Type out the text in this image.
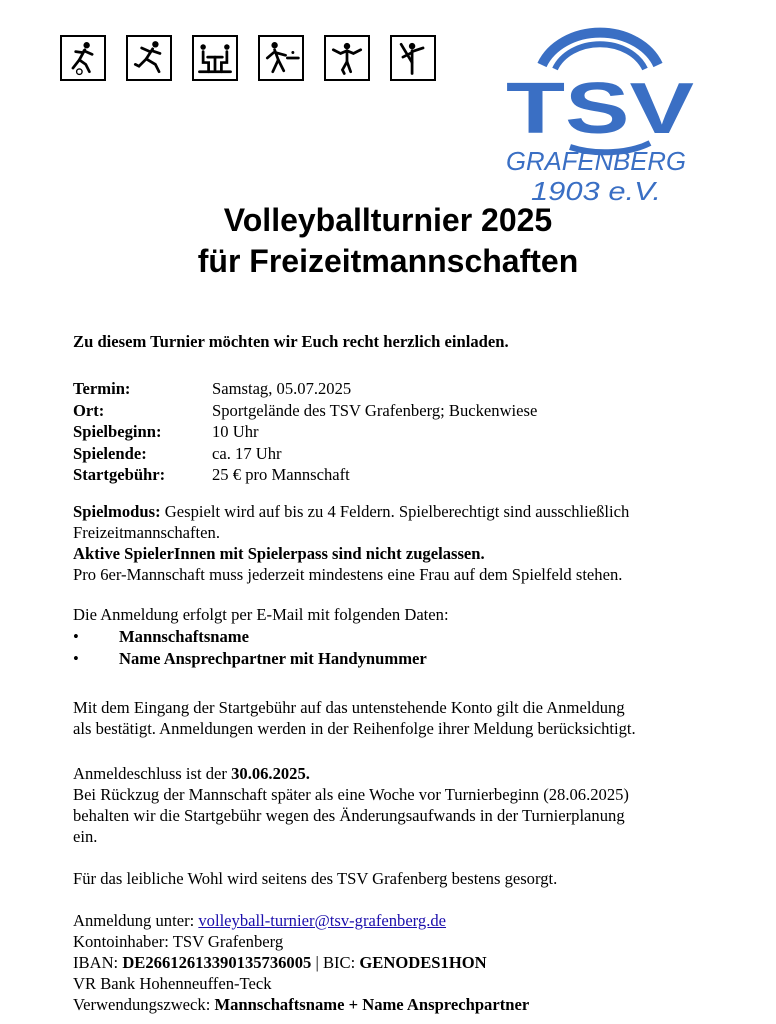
TSV
GRAFENBERG
1903 e.V.
Volleyballturnier 2025
für Freizeitmannschaften
Zu diesem Turnier möchten wir Euch recht herzlich einladen.
Termin:	Samstag, 05.07.2025
Ort:	Sportgelände des TSV Grafenberg; Buckenwiese
Spielbeginn:	10 Uhr
Spielende:	ca. 17 Uhr
Startgebühr:	25 € pro Mannschaft
Spielmodus: Gespielt wird auf bis zu 4 Feldern. Spielberechtigt sind ausschließlich
Freizeitmannschaften.
Aktive SpielerInnen mit Spielerpass sind nicht zugelassen.
Pro 6er-Mannschaft muss jederzeit mindestens eine Frau auf dem Spielfeld stehen.
Die Anmeldung erfolgt per E-Mail mit folgenden Daten:
•	Mannschaftsname
•	Name Ansprechpartner mit Handynummer
Mit dem Eingang der Startgebühr auf das untenstehende Konto gilt die Anmeldung
als bestätigt. Anmeldungen werden in der Reihenfolge ihrer Meldung berücksichtigt.
Anmeldeschluss ist der 30.06.2025.
Bei Rückzug der Mannschaft später als eine Woche vor Turnierbeginn (28.06.2025)
behalten wir die Startgebühr wegen des Änderungsaufwands in der Turnierplanung
ein.
Für das leibliche Wohl wird seitens des TSV Grafenberg bestens gesorgt.
Anmeldung unter: volleyball-turnier@tsv-grafenberg.de
Kontoinhaber: TSV Grafenberg
IBAN: DE26612613390135736005 | BIC: GENODES1HON
VR Bank Hohenneuffen-Teck
Verwendungszweck: Mannschaftsname + Name Ansprechpartner
